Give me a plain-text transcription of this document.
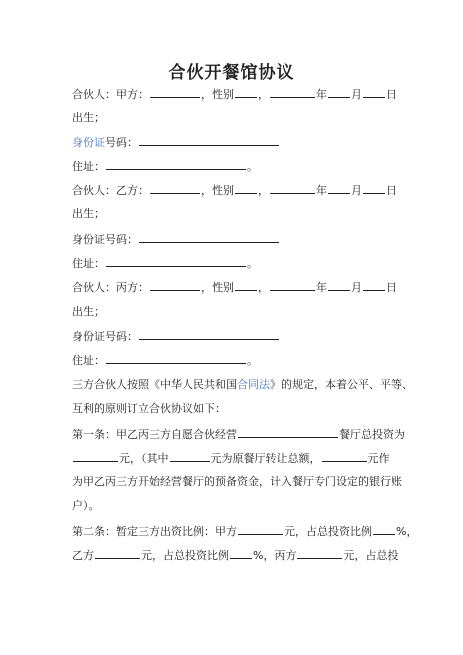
合伙开餐馆协议
合伙人：甲方：	，性别 ，	年 月 日
出生；
身份证号码：
住址：	。
合伙人：乙方：	，性别 ，	年 月 日
出生；
身份证号码：
住址：	。
合伙人：丙方：	，性别 ，	年 月 日
出生；
身份证号码：
住址：	。
三方合伙人按照《中华人民共和国合同法》的规定，本着公平、平等、
互利的原则订立合伙协议如下：
第一条：甲乙丙三方自愿合伙经营	餐厅总投资为
元，（其中	元为原餐厅转让总额，	元作
为甲乙丙三方开始经营餐厅的预备资金，计入餐厅专门设定的银行账
户）。
第二条：暂定三方出资比例：甲方	元，占总投资比例 %，
乙方	元，占总投资比例 %，丙方	元，占总投
